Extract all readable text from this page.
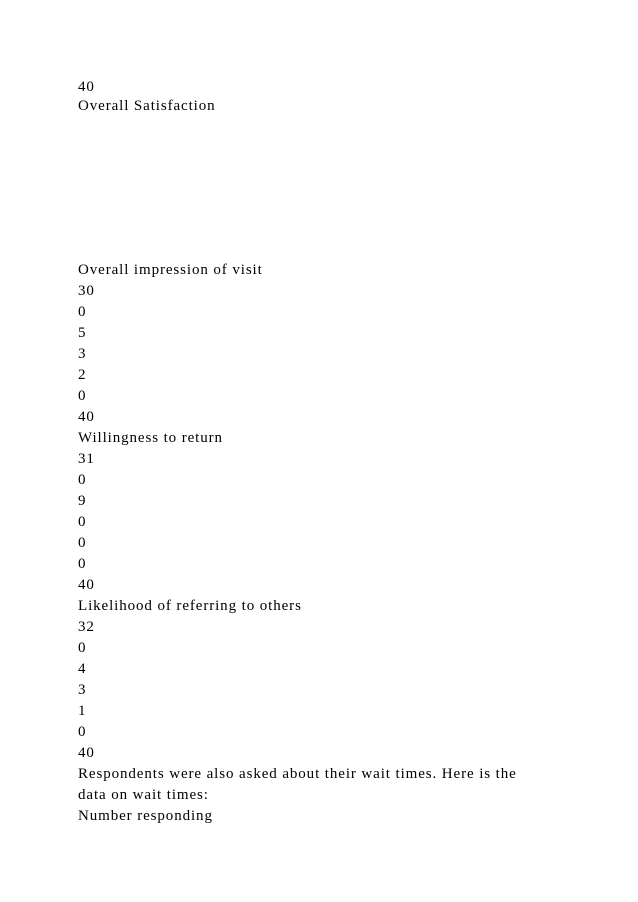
40
Overall Satisfaction
Overall impression of visit
30
0
5
3
2
0
40
Willingness to return
31
0
9
0
0
0
40
Likelihood of referring to others
32
0
4
3
1
0
40
Respondents were also asked about their wait times. Here is the
data on wait times:
Number responding
